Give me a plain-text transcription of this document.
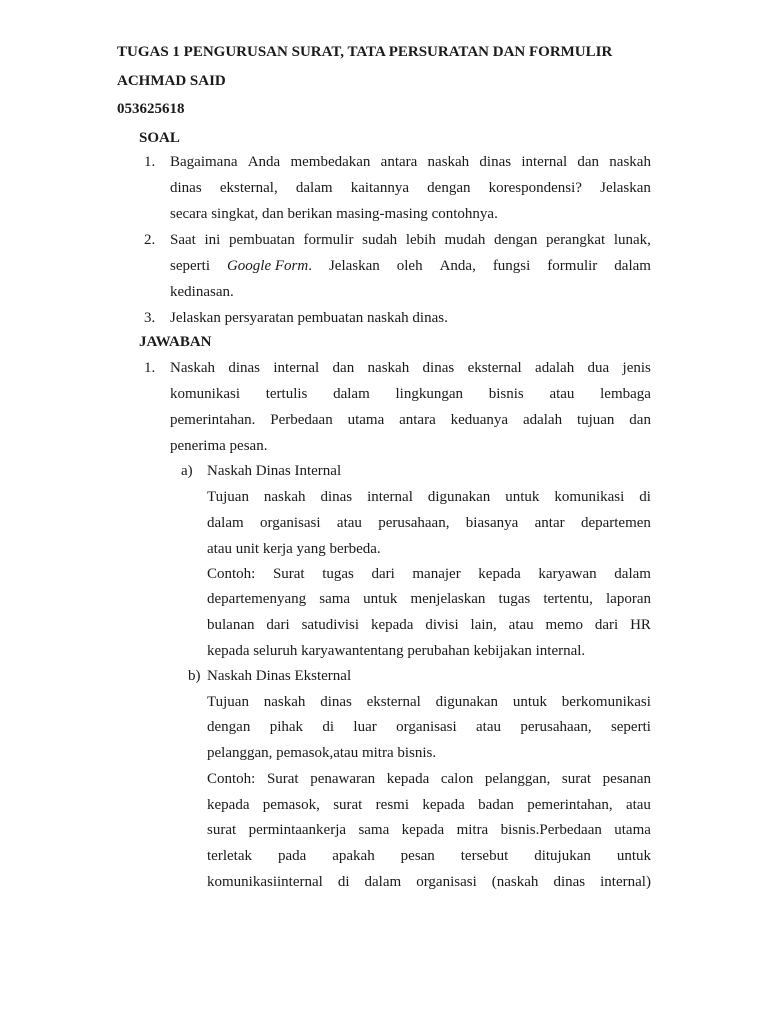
TUGAS 1 PENGURUSAN SURAT, TATA PERSURATAN DAN FORMULIR
ACHMAD SAID
053625618
SOAL
1. Bagaimana Anda membedakan antara naskah dinas internal dan naskah
dinas eksternal, dalam kaitannya dengan korespondensi? Jelaskan
secara singkat, dan berikan masing-masing contohnya.
2. Saat ini pembuatan formulir sudah lebih mudah dengan perangkat lunak,
seperti Google Form. Jelaskan oleh Anda, fungsi formulir dalam
kedinasan.
3. Jelaskan persyaratan pembuatan naskah dinas.
JAWABAN
1. Naskah dinas internal dan naskah dinas eksternal adalah dua jenis
komunikasi tertulis dalam lingkungan bisnis atau lembaga
pemerintahan. Perbedaan utama antara keduanya adalah tujuan dan
penerima pesan.
a) Naskah Dinas Internal
Tujuan naskah dinas internal digunakan untuk komunikasi di
dalam organisasi atau perusahaan, biasanya antar departemen
atau unit kerja yang berbeda.
Contoh: Surat tugas dari manajer kepada karyawan dalam
departemenyang sama untuk menjelaskan tugas tertentu, laporan
bulanan dari satudivisi kepada divisi lain, atau memo dari HR
kepada seluruh karyawantentang perubahan kebijakan internal.
b) Naskah Dinas Eksternal
Tujuan naskah dinas eksternal digunakan untuk berkomunikasi
dengan pihak di luar organisasi atau perusahaan, seperti
pelanggan, pemasok,atau mitra bisnis.
Contoh: Surat penawaran kepada calon pelanggan, surat pesanan
kepada pemasok, surat resmi kepada badan pemerintahan, atau
surat permintaankerja sama kepada mitra bisnis.Perbedaan utama
terletak pada apakah pesan tersebut ditujukan untuk
komunikasiinternal di dalam organisasi (naskah dinas internal)
